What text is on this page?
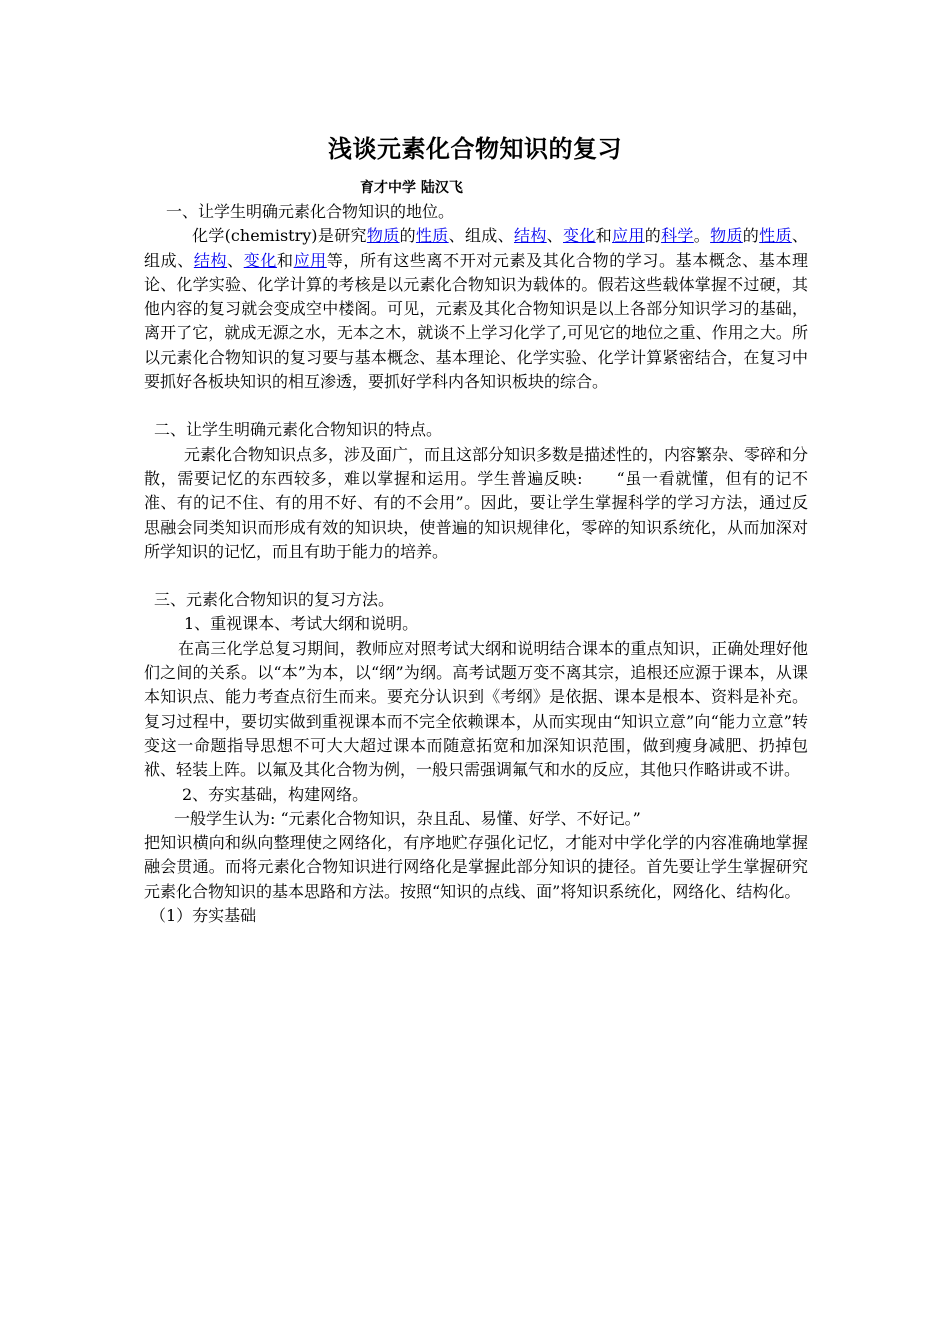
浅谈元素化合物知识的复习
育才中学 陆汉飞

一、让学生明确元素化合物知识的地位。

化学(chemistry)是研究物质的性质、组成、结构、变化和应用的科学。物质的性质、组成、结构、变化和应用等，所有这些离不开对元素及其化合物的学习。基本概念、基本理论、化学实验、化学计算的考核是以元素化合物知识为载体的。假若这些载体掌握不过硬，其他内容的复习就会变成空中楼阁。可见，元素及其化合物知识是以上各部分知识学习的基础，离开了它，就成无源之水，无本之木，就谈不上学习化学了,可见它的地位之重、作用之大。所以元素化合物知识的复习要与基本概念、基本理论、化学实验、化学计算紧密结合，在复习中要抓好各板块知识的相互渗透，要抓好学科内各知识板块的综合。

二、让学生明确元素化合物知识的特点。

元素化合物知识点多，涉及面广，而且这部分知识多数是描述性的，内容繁杂、零碎和分散，需要记忆的东西较多，难以掌握和运用。学生普遍反映:　　“虽一看就懂，但有的记不准、有的记不住、有的用不好、有的不会用”。因此，要让学生掌握科学的学习方法，通过反思融会同类知识而形成有效的知识块，使普遍的知识规律化，零碎的知识系统化，从而加深对所学知识的记忆，而且有助于能力的培养。

三、元素化合物知识的复习方法。

1、重视课本、考试大纲和说明。

在高三化学总复习期间，教师应对照考试大纲和说明结合课本的重点知识，正确处理好他们之间的关系。以“本”为本，以“纲”为纲。高考试题万变不离其宗，追根还应源于课本，从课本知识点、能力考查点衍生而来。要充分认识到《考纲》是依据、课本是根本、资料是补充。复习过程中，要切实做到重视课本而不完全依赖课本，从而实现由“知识立意”向“能力立意”转变这一命题指导思想不可大大超过课本而随意拓宽和加深知识范围，做到瘦身减肥、扔掉包袱、轻装上阵。以氟及其化合物为例，一般只需强调氟气和水的反应，其他只作略讲或不讲。

2、夯实基础，构建网络。

一般学生认为: “元素化合物知识，杂且乱、易懂、好学、不好记。”

把知识横向和纵向整理使之网络化，有序地贮存强化记忆，才能对中学化学的内容准确地掌握融会贯通。而将元素化合物知识进行网络化是掌握此部分知识的捷径。首先要让学生掌握研究元素化合物知识的基本思路和方法。按照“知识的点线、面”将知识系统化，网络化、结构化。

（1）夯实基础
